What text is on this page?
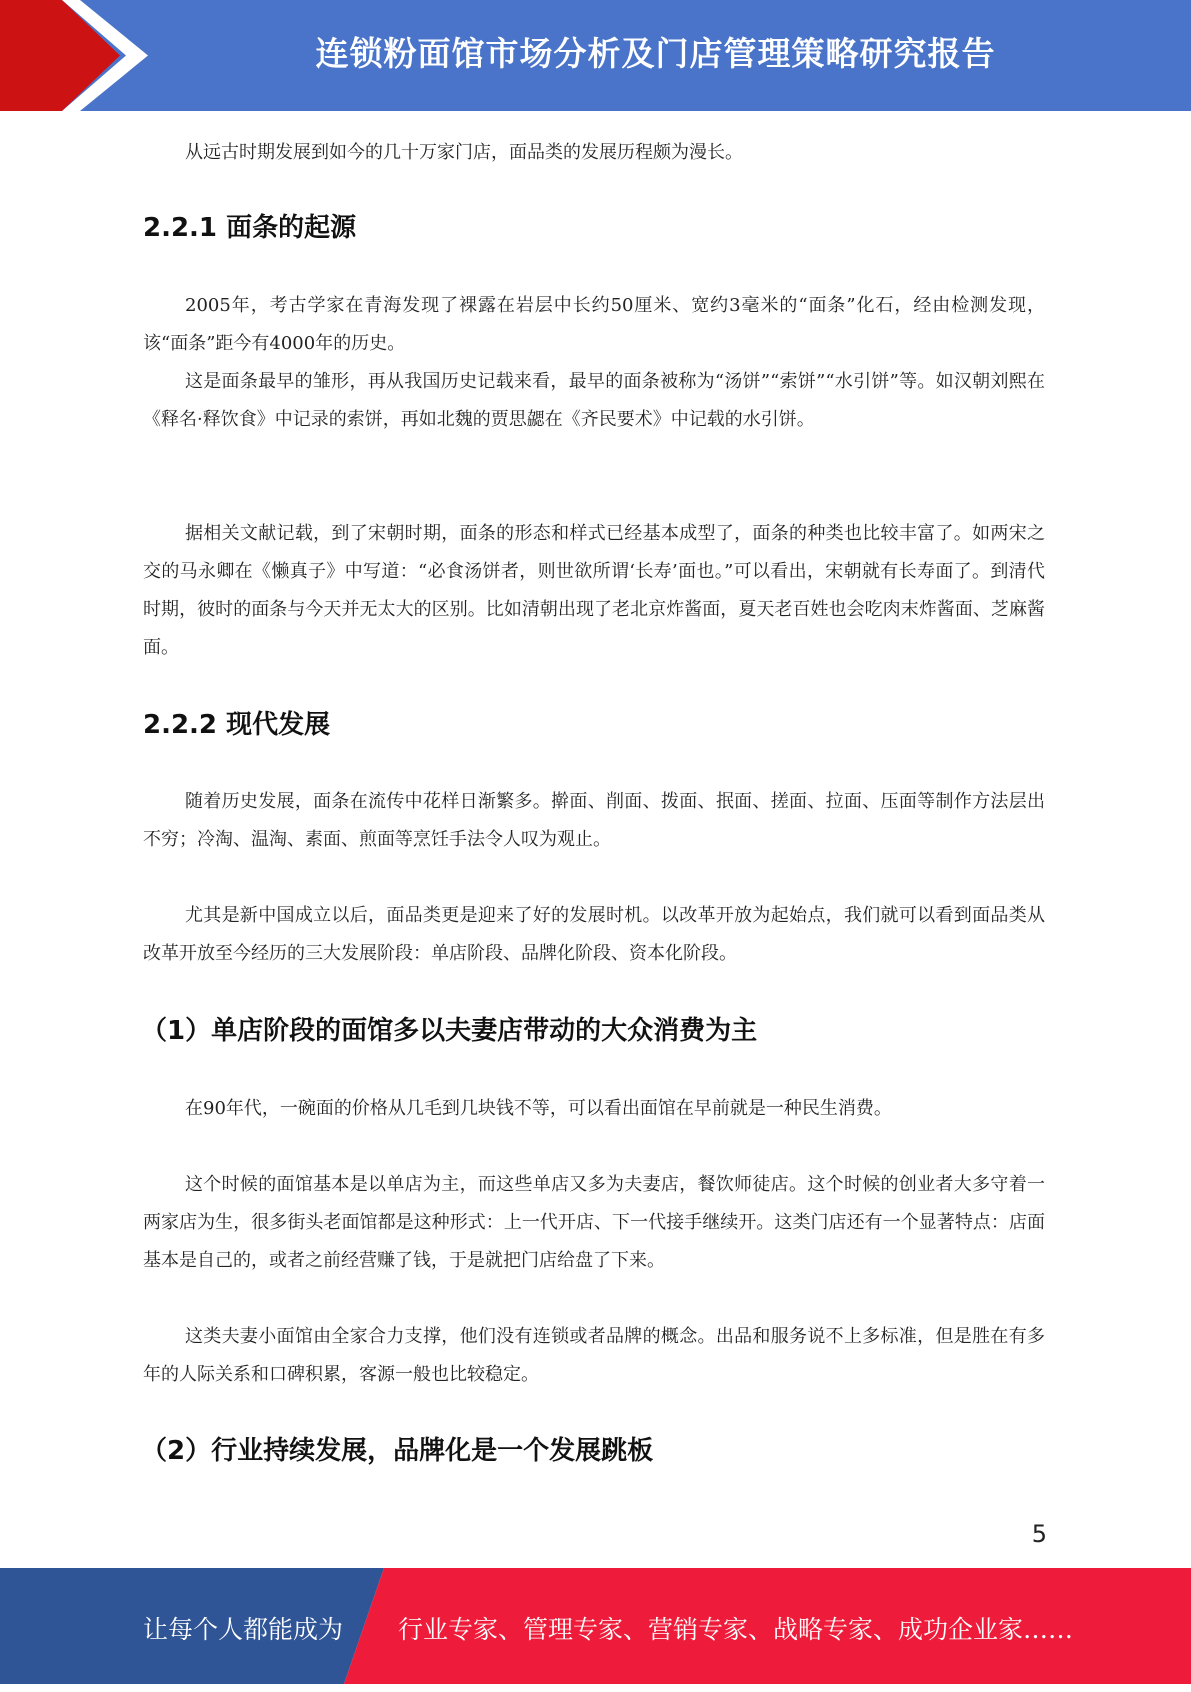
连锁粉面馆市场分析及门店管理策略研究报告

从远古时期发展到如今的几十万家门店，面品类的发展历程颇为漫长。

2.2.1 面条的起源

2005年，考古学家在青海发现了裸露在岩层中长约50厘米、宽约3毫米的“面条”化石，经由检测发现，该“面条”距今有4000年的历史。

这是面条最早的雏形，再从我国历史记载来看，最早的面条被称为“汤饼”“索饼”“水引饼”等。如汉朝刘熙在《释名·释饮食》中记录的索饼，再如北魏的贾思勰在《齐民要术》中记载的水引饼。

据相关文献记载，到了宋朝时期，面条的形态和样式已经基本成型了，面条的种类也比较丰富了。如两宋之交的马永卿在《懒真子》中写道：“必食汤饼者，则世欲所谓‘长寿’面也。”可以看出，宋朝就有长寿面了。到清代时期，彼时的面条与今天并无太大的区别。比如清朝出现了老北京炸酱面，夏天老百姓也会吃肉末炸酱面、芝麻酱面。

2.2.2 现代发展

随着历史发展，面条在流传中花样日渐繁多。擀面、削面、拨面、抿面、搓面、拉面、压面等制作方法层出不穷；冷淘、温淘、素面、煎面等烹饪手法令人叹为观止。

尤其是新中国成立以后，面品类更是迎来了好的发展时机。以改革开放为起始点，我们就可以看到面品类从改革开放至今经历的三大发展阶段：单店阶段、品牌化阶段、资本化阶段。

（1）单店阶段的面馆多以夫妻店带动的大众消费为主

在90年代，一碗面的价格从几毛到几块钱不等，可以看出面馆在早前就是一种民生消费。

这个时候的面馆基本是以单店为主，而这些单店又多为夫妻店，餐饮师徒店。这个时候的创业者大多守着一两家店为生，很多街头老面馆都是这种形式：上一代开店、下一代接手继续开。这类门店还有一个显著特点：店面基本是自己的，或者之前经营赚了钱，于是就把门店给盘了下来。

这类夫妻小面馆由全家合力支撑，他们没有连锁或者品牌的概念。出品和服务说不上多标准，但是胜在有多年的人际关系和口碑积累，客源一般也比较稳定。

（2）行业持续发展，品牌化是一个发展跳板
5
让每个人都能成为 行业专家、管理专家、营销专家、战略专家、成功企业家……
